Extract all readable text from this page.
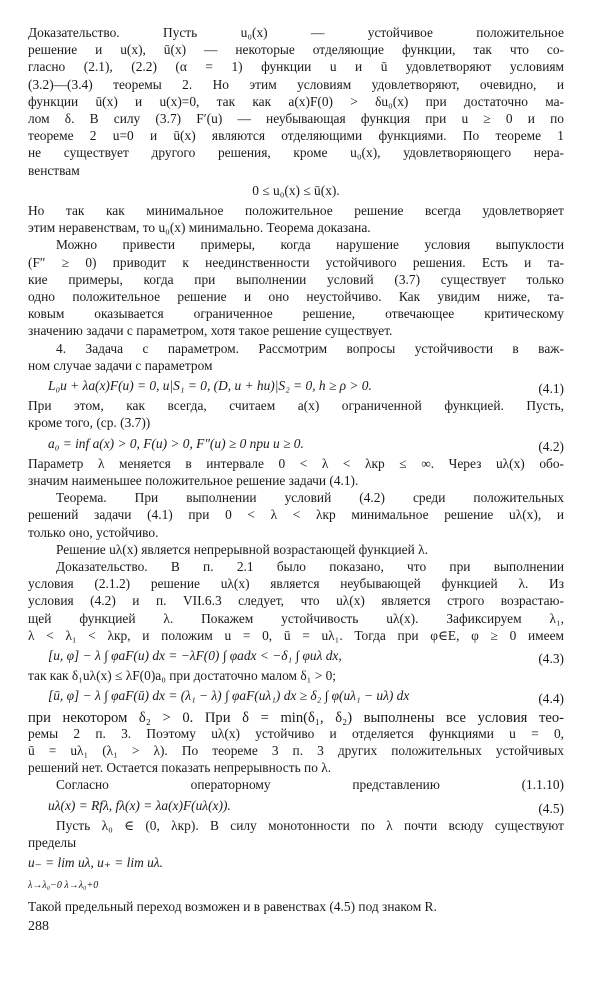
Доказательство. Пусть u₀(x) — устойчивое положительное
решение и u(x), ū(x) — некоторые отделяющие функции, так что со-
гласно (2.1), (2.2) (α = 1) функции u и ū удовлетворяют условиям
(3.2)—(3.4) теоремы 2. Но этим условиям удовлетворяют, очевидно, и
функции ū(x) и u(x)=0, так как a(x)F(0) > δu₀(x) при достаточно ма-
лом δ. В силу (3.7) F′(u) — неубывающая функция при u ≥ 0 и по
теореме 2 u=0 и ū(x) являются отделяющими функциями. По теореме 1
не существует другого решения, кроме u₀(x), удовлетворяющего нера-
венствам
0 ≤ u₀(x) ≤ ū(x).
Но так как минимальное положительное решение всегда удовлетворяет
этим неравенствам, то u₀(x) минимально. Теорема доказана.
Можно привести примеры, когда нарушение условия выпуклости
(F″ ≥ 0) приводит к неединственности устойчивого решения. Есть и та-
кие примеры, когда при выполнении условий (3.7) существует только
одно положительное решение и оно неустойчиво. Как увидим ниже, та-
ковым оказывается ограниченное решение, отвечающее критическому
значению задачи с параметром, хотя такое решение существует.
4. Задача с параметром. Рассмотрим вопросы устойчивости в важ-
ном случае задачи с параметром
L₀u + λa(x)F(u) = 0, u|S₁ = 0, (D, u + hu)|S₂ = 0, h ≥ ρ > 0.	(4.1)
При этом, как всегда, считаем a(x) ограниченной функцией. Пусть,
кроме того, (ср. (3.7))
a₀ = inf a(x) > 0, F(u) > 0, F″(u) ≥ 0 при u ≥ 0.	(4.2)
Параметр λ меняется в интервале 0 < λ < λкр ≤ ∞. Через uλ(x) обо-
значим наименьшее положительное решение задачи (4.1).
Теорема. При выполнении условий (4.2) среди положительных
решений задачи (4.1) при 0 < λ < λкр минимальное решение uλ(x), и
только оно, устойчиво.
Решение uλ(x) является непрерывной возрастающей функцией λ.
Доказательство. В п. 2.1 было показано, что при выполнении
условия (2.1.2) решение uλ(x) является неубывающей функцией λ. Из
условия (4.2) и п. VII.6.3 следует, что uλ(x) является строго возрастаю-
щей функцией λ. Покажем устойчивость uλ(x). Зафиксируем λ₁,
λ < λ₁ < λкр, и положим u = 0, ū = uλ₁. Тогда при φ∈E, φ ≥ 0 имеем
[u, φ] − λ ∫ φaF(u) dx = −λF(0) ∫ φadx < −δ₁ ∫ φuλ dx,	(4.3)
так как δ₁uλ(x) ≤ λF(0)a₀ при достаточно малом δ₁ > 0;
[ū, φ] − λ ∫ φaF(ū) dx = (λ₁ − λ) ∫ φaF(uλ₁) dx ≥ δ₂ ∫ φ(uλ₁ − uλ) dx	(4.4)
ремы 2 п. 3. Поэтому uλ(x) устойчиво и отделяется функциями u = 0,
ū = uλ₁ (λ₁ > λ). По теореме 3 п. 3 других положительных устойчивых
решений нет. Остается показать непрерывность по λ.
Согласно операторному представлению (1.1.10)
uλ(x) = Rfλ, fλ(x) = λa(x)F(uλ(x)).	(4.5)
Пусть λ₀ ∈ (0, λкр). В силу монотонности по λ почти всюду существуют
пределы
u₋ = lim uλ, u₊ = lim uλ.
λ→λ₀−0 λ→λ₀+0
Такой предельный переход возможен и в равенствах (4.5) под знаком R.
288
при некотором δ₂ > 0. При δ = min(δ₁, δ₂) выполнены все условия тео-
